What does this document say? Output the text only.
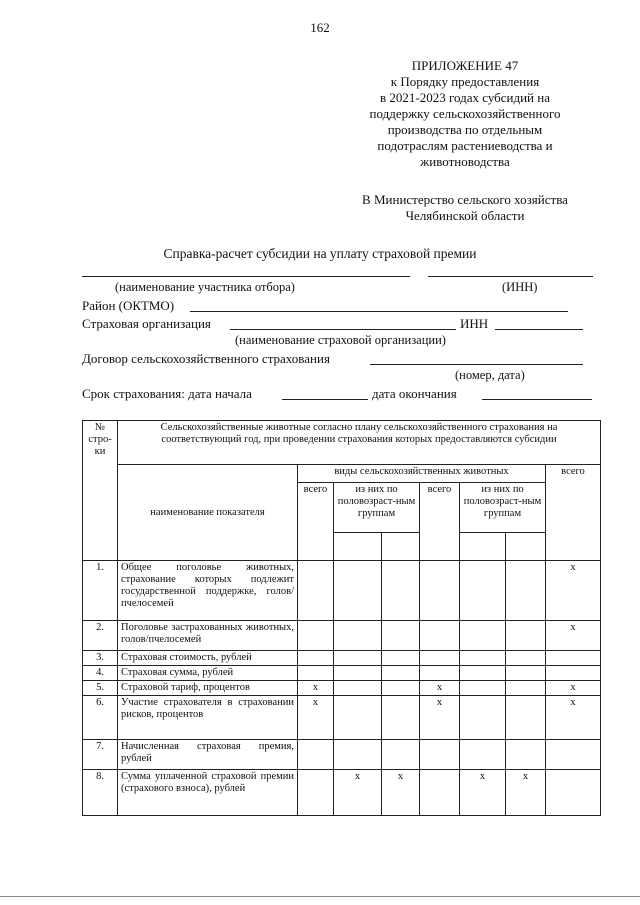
162
ПРИЛОЖЕНИЕ 47
к Порядку предоставления
в 2021-2023 годах субсидий на
поддержку сельскохозяйственного
производства по отдельным
подотраслям растениеводства и
животноводства
В Министерство сельского хозяйства
Челябинской области
Справка-расчет субсидии на уплату страховой премии
(наименование участника отбора)	(ИНН)
Район (ОКТМО)
Страховая организация	ИНН
(наименование страховой организации)
Договор сельскохозяйственного страхования
(номер, дата)
Срок страхования: дата начала	дата окончания
№ стро-ки	Сельскохозяйственные животные согласно плану сельскохозяйственного страхования на соответствующий год, при проведении страхования которых предоставляются субсидии							
	наименование показателя	виды сельскохозяйственных животных						всего
		всего	из них по половозраст-ным группам		всего	из них по половозраст-ным группам		

1.	Общее поголовье животных, страхование которых подлежит государственной поддержке, голов/пчелосемей							х
2.	Поголовье застрахованных животных, голов/пчелосемей							х
3.	Страховая стоимость, рублей							
4.	Страховая сумма, рублей							
5.	Страховой тариф, процентов	х			х			х
6.	Участие страхователя в страховании рисков, процентов	х			х			х
7.	Начисленная страховая премия, рублей							
8.	Сумма уплаченной страховой премии (страхового взноса), рублей		х	х		х	х	
